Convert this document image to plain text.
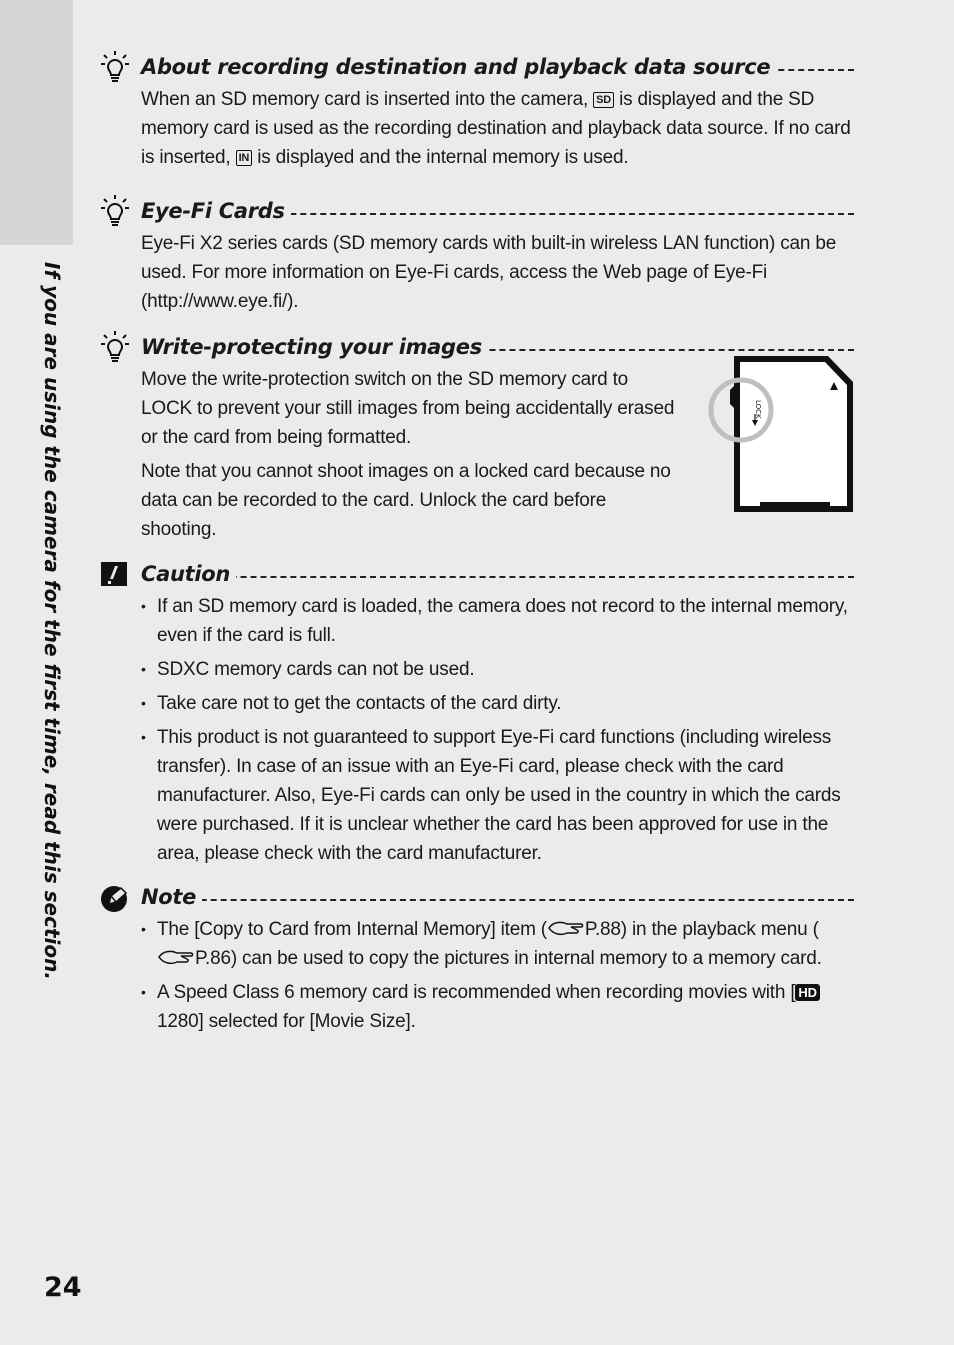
If you are using the camera for the first time, read this section.
About recording destination and playback data source

When an SD memory card is inserted into the camera, SD is displayed and the SD memory card is used as the recording destination and playback data source. If no card is inserted, IN is displayed and the internal memory is used.

Eye-Fi Cards

Eye-Fi X2 series cards (SD memory cards with built-in wireless LAN function) can be used. For more information on Eye-Fi cards, access the Web page of Eye-Fi (http://www.eye.fi/).

Write-protecting your images

Move the write-protection switch on the SD memory card to LOCK to prevent your still images from being accidentally erased or the card from being formatted.

Note that you cannot shoot images on a locked card because no data can be recorded to the card. Unlock the card before shooting.

LOCK
Caution
• If an SD memory card is loaded, the camera does not record to the internal memory, even if the card is full.
• SDXC memory cards can not be used.
• Take care not to get the contacts of the card dirty.
• This product is not guaranteed to support Eye-Fi card functions (including wireless transfer). In case of an issue with an Eye-Fi card, please check with the card manufacturer. Also, Eye-Fi cards can only be used in the country in which the cards were purchased. If it is unclear whether the card has been approved for use in the area, please check with the card manufacturer.
Note
• The [Copy to Card from Internal Memory] item ( P.88) in the playback menu (P.86) can be used to copy the pictures in internal memory to a memory card.
• A Speed Class 6 memory card is recommended when recording movies with [ HD1280] selected for [Movie Size].
24
